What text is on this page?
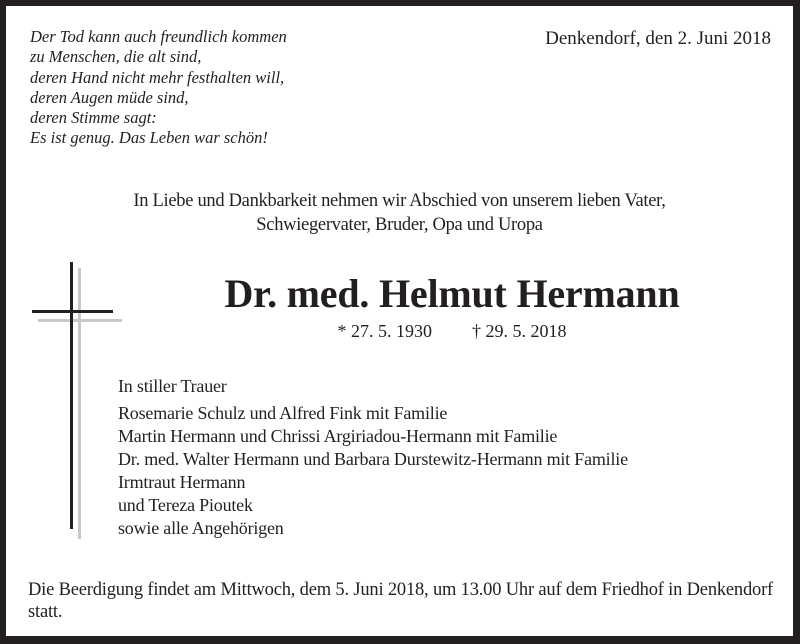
Der Tod kann auch freundlich kommen
zu Menschen, die alt sind,
deren Hand nicht mehr festhalten will,
deren Augen müde sind,
deren Stimme sagt:
Es ist genug. Das Leben war schön!
Denkendorf, den 2. Juni 2018
In Liebe und Dankbarkeit nehmen wir Abschied von unserem lieben Vater,
Schwiegervater, Bruder, Opa und Uropa
Dr. med. Helmut Hermann
* 27. 5. 1930 † 29. 5. 2018
In stiller Trauer
Rosemarie Schulz und Alfred Fink mit Familie
Martin Hermann und Chrissi Argiriadou-Hermann mit Familie
Dr. med. Walter Hermann und Barbara Durstewitz-Hermann mit Familie
Irmtraut Hermann
und Tereza Pioutek
sowie alle Angehörigen
Die Beerdigung findet am Mittwoch, dem 5. Juni 2018, um 13.00 Uhr auf dem Friedhof in Denkendorf statt.
